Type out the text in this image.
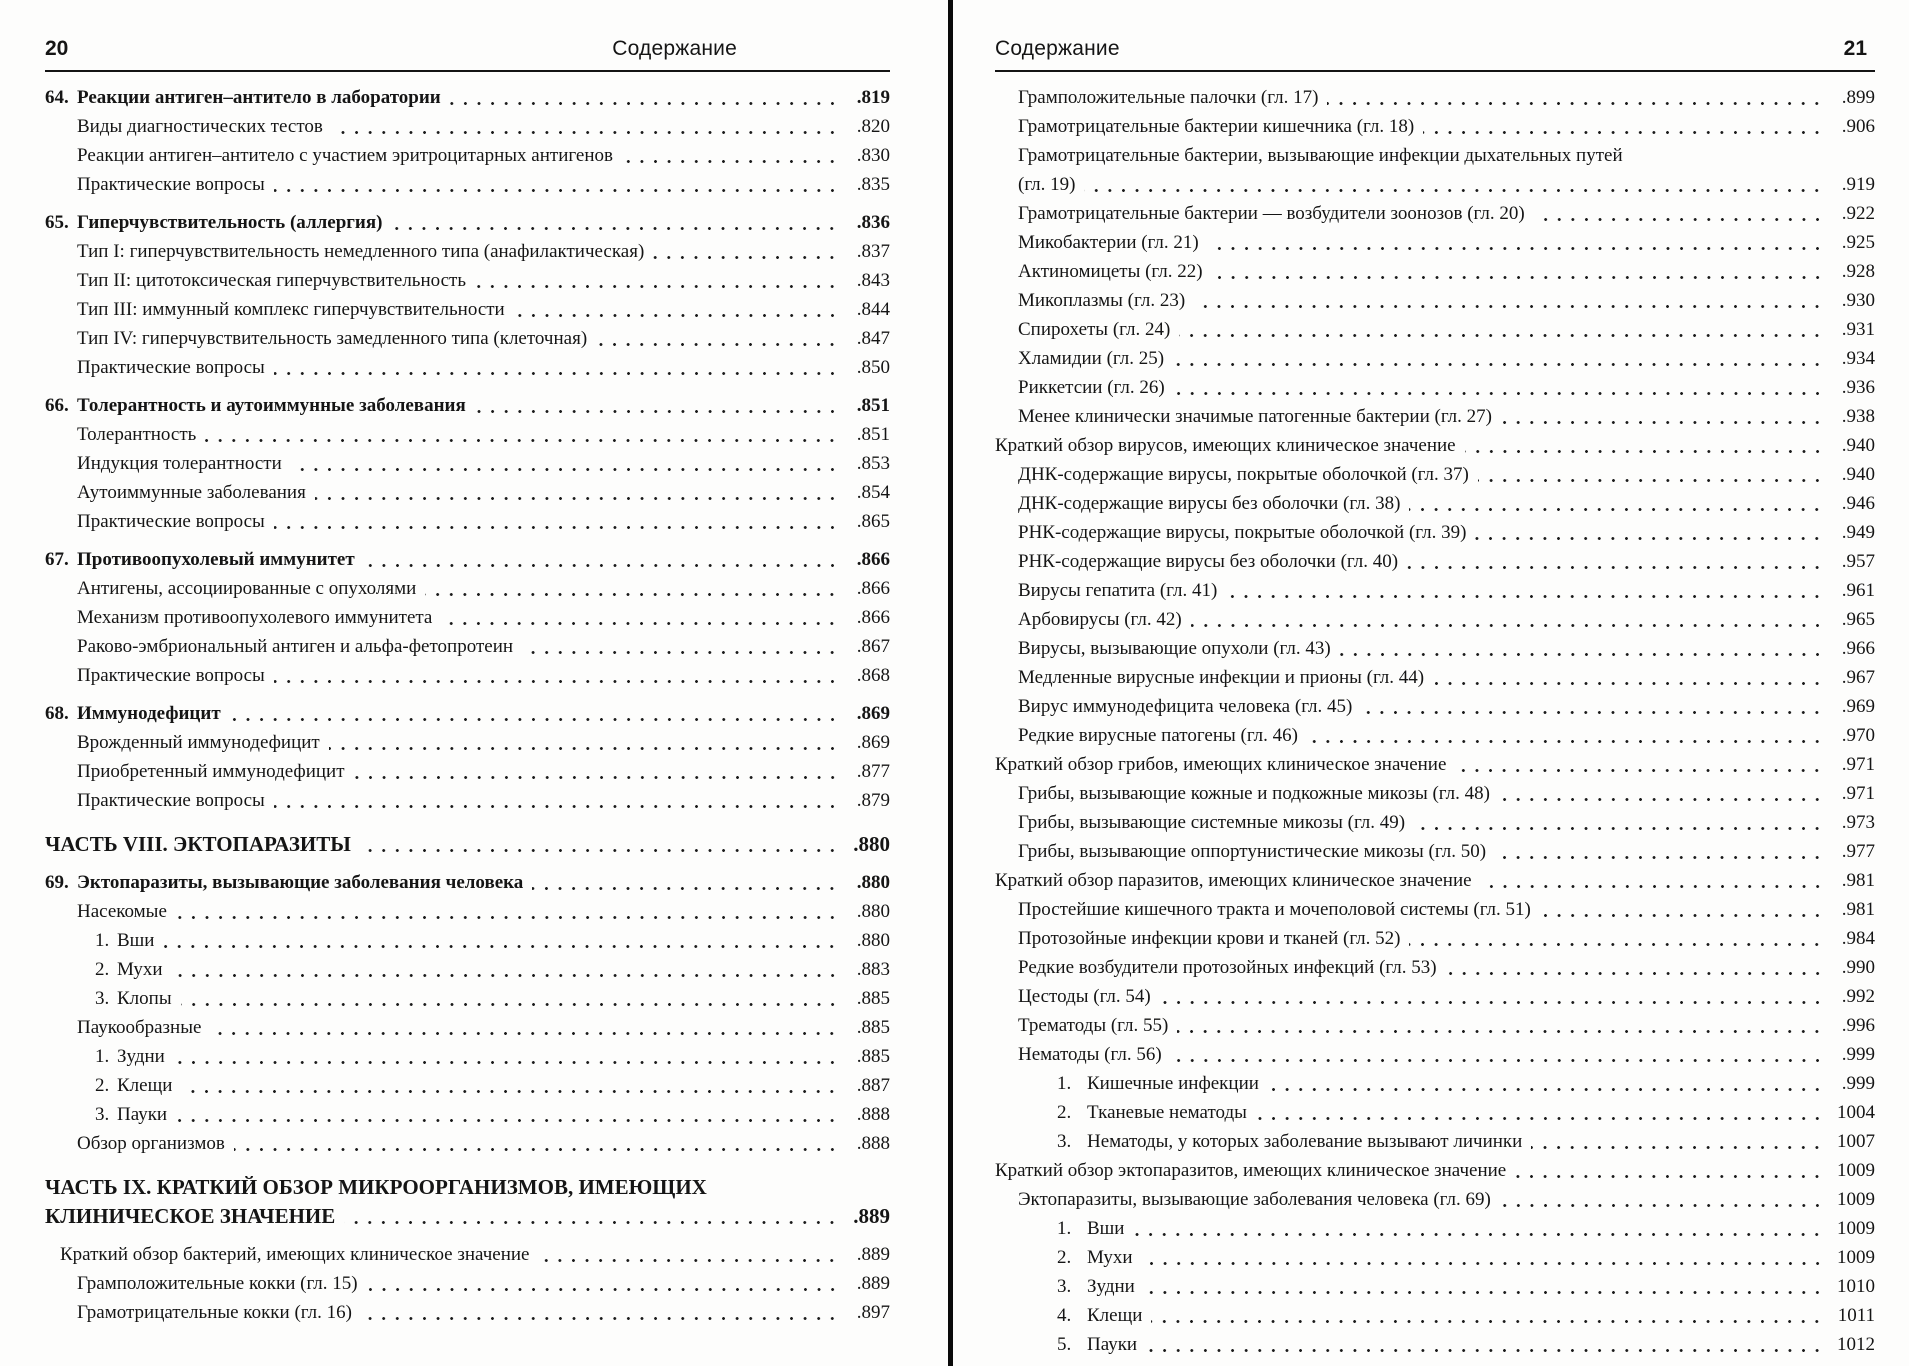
20	Содержание
64. Реакции антиген–антитело в лаборатории	.819
Виды диагностических тестов	.820
Реакции антиген–антитело с участием эритроцитарных антигенов	.830
Практические вопросы	.835
65. Гиперчувствительность (аллергия)	.836
Тип I: гиперчувствительность немедленного типа (анафилактическая)	.837
Тип II: цитотоксическая гиперчувствительность	.843
Тип III: иммунный комплекс гиперчувствительности	.844
Тип IV: гиперчувствительность замедленного типа (клеточная)	.847
Практические вопросы	.850
66. Толерантность и аутоиммунные заболевания	.851
Толерантность	.851
Индукция толерантности	.853
Аутоиммунные заболевания	.854
Практические вопросы	.865
67. Противоопухолевый иммунитет	.866
Антигены, ассоциированные с опухолями	.866
Механизм противоопухолевого иммунитета	.866
Раково-эмбриональный антиген и альфа-фетопротеин	.867
Практические вопросы	.868
68. Иммунодефицит	.869
Врожденный иммунодефицит	.869
Приобретенный иммунодефицит	.877
Практические вопросы	.879
ЧАСТЬ VIII. ЭКТОПАРАЗИТЫ	.880
69. Эктопаразиты, вызывающие заболевания человека	.880
Насекомые	.880
1. Вши	.880
2. Мухи	.883
3. Клопы	.885
Паукообразные	.885
1. Зудни	.885
2. Клещи	.887
3. Пауки	.888
Обзор организмов	.888
ЧАСТЬ IX. КРАТКИЙ ОБЗОР МИКРООРГАНИЗМОВ, ИМЕЮЩИХ
КЛИНИЧЕСКОЕ ЗНАЧЕНИЕ	.889
Краткий обзор бактерий, имеющих клиническое значение	.889
Грамположительные кокки (гл. 15)	.889
Грамотрицательные кокки (гл. 16)	.897
Содержание	21
Грамположительные палочки (гл. 17)	.899
Грамотрицательные бактерии кишечника (гл. 18)	.906
Грамотрицательные бактерии, вызывающие инфекции дыхательных путей
(гл. 19)	.919
Грамотрицательные бактерии — возбудители зоонозов (гл. 20)	.922
Микобактерии (гл. 21)	.925
Актиномицеты (гл. 22)	.928
Микоплазмы (гл. 23)	.930
Спирохеты (гл. 24)	.931
Хламидии (гл. 25)	.934
Риккетсии (гл. 26)	.936
Менее клинически значимые патогенные бактерии (гл. 27)	.938
Краткий обзор вирусов, имеющих клиническое значение	.940
ДНК-содержащие вирусы, покрытые оболочкой (гл. 37)	.940
ДНК-содержащие вирусы без оболочки (гл. 38)	.946
РНК-содержащие вирусы, покрытые оболочкой (гл. 39)	.949
РНК-содержащие вирусы без оболочки (гл. 40)	.957
Вирусы гепатита (гл. 41)	.961
Арбовирусы (гл. 42)	.965
Вирусы, вызывающие опухоли (гл. 43)	.966
Медленные вирусные инфекции и прионы (гл. 44)	.967
Вирус иммунодефицита человека (гл. 45)	.969
Редкие вирусные патогены (гл. 46)	.970
Краткий обзор грибов, имеющих клиническое значение	.971
Грибы, вызывающие кожные и подкожные микозы (гл. 48)	.971
Грибы, вызывающие системные микозы (гл. 49)	.973
Грибы, вызывающие оппортунистические микозы (гл. 50)	.977
Краткий обзор паразитов, имеющих клиническое значение	.981
Простейшие кишечного тракта и мочеполовой системы (гл. 51)	.981
Протозойные инфекции крови и тканей (гл. 52)	.984
Редкие возбудители протозойных инфекций (гл. 53)	.990
Цестоды (гл. 54)	.992
Трематоды (гл. 55)	.996
Нематоды (гл. 56)	.999
1. Кишечные инфекции	.999
2. Тканевые нематоды	1004
3. Нематоды, у которых заболевание вызывают личинки	1007
Краткий обзор эктопаразитов, имеющих клиническое значение	1009
Эктопаразиты, вызывающие заболевания человека (гл. 69)	1009
1. Вши	1009
2. Мухи	1009
3. Зудни	1010
4. Клещи	1011
5. Пауки	1012
